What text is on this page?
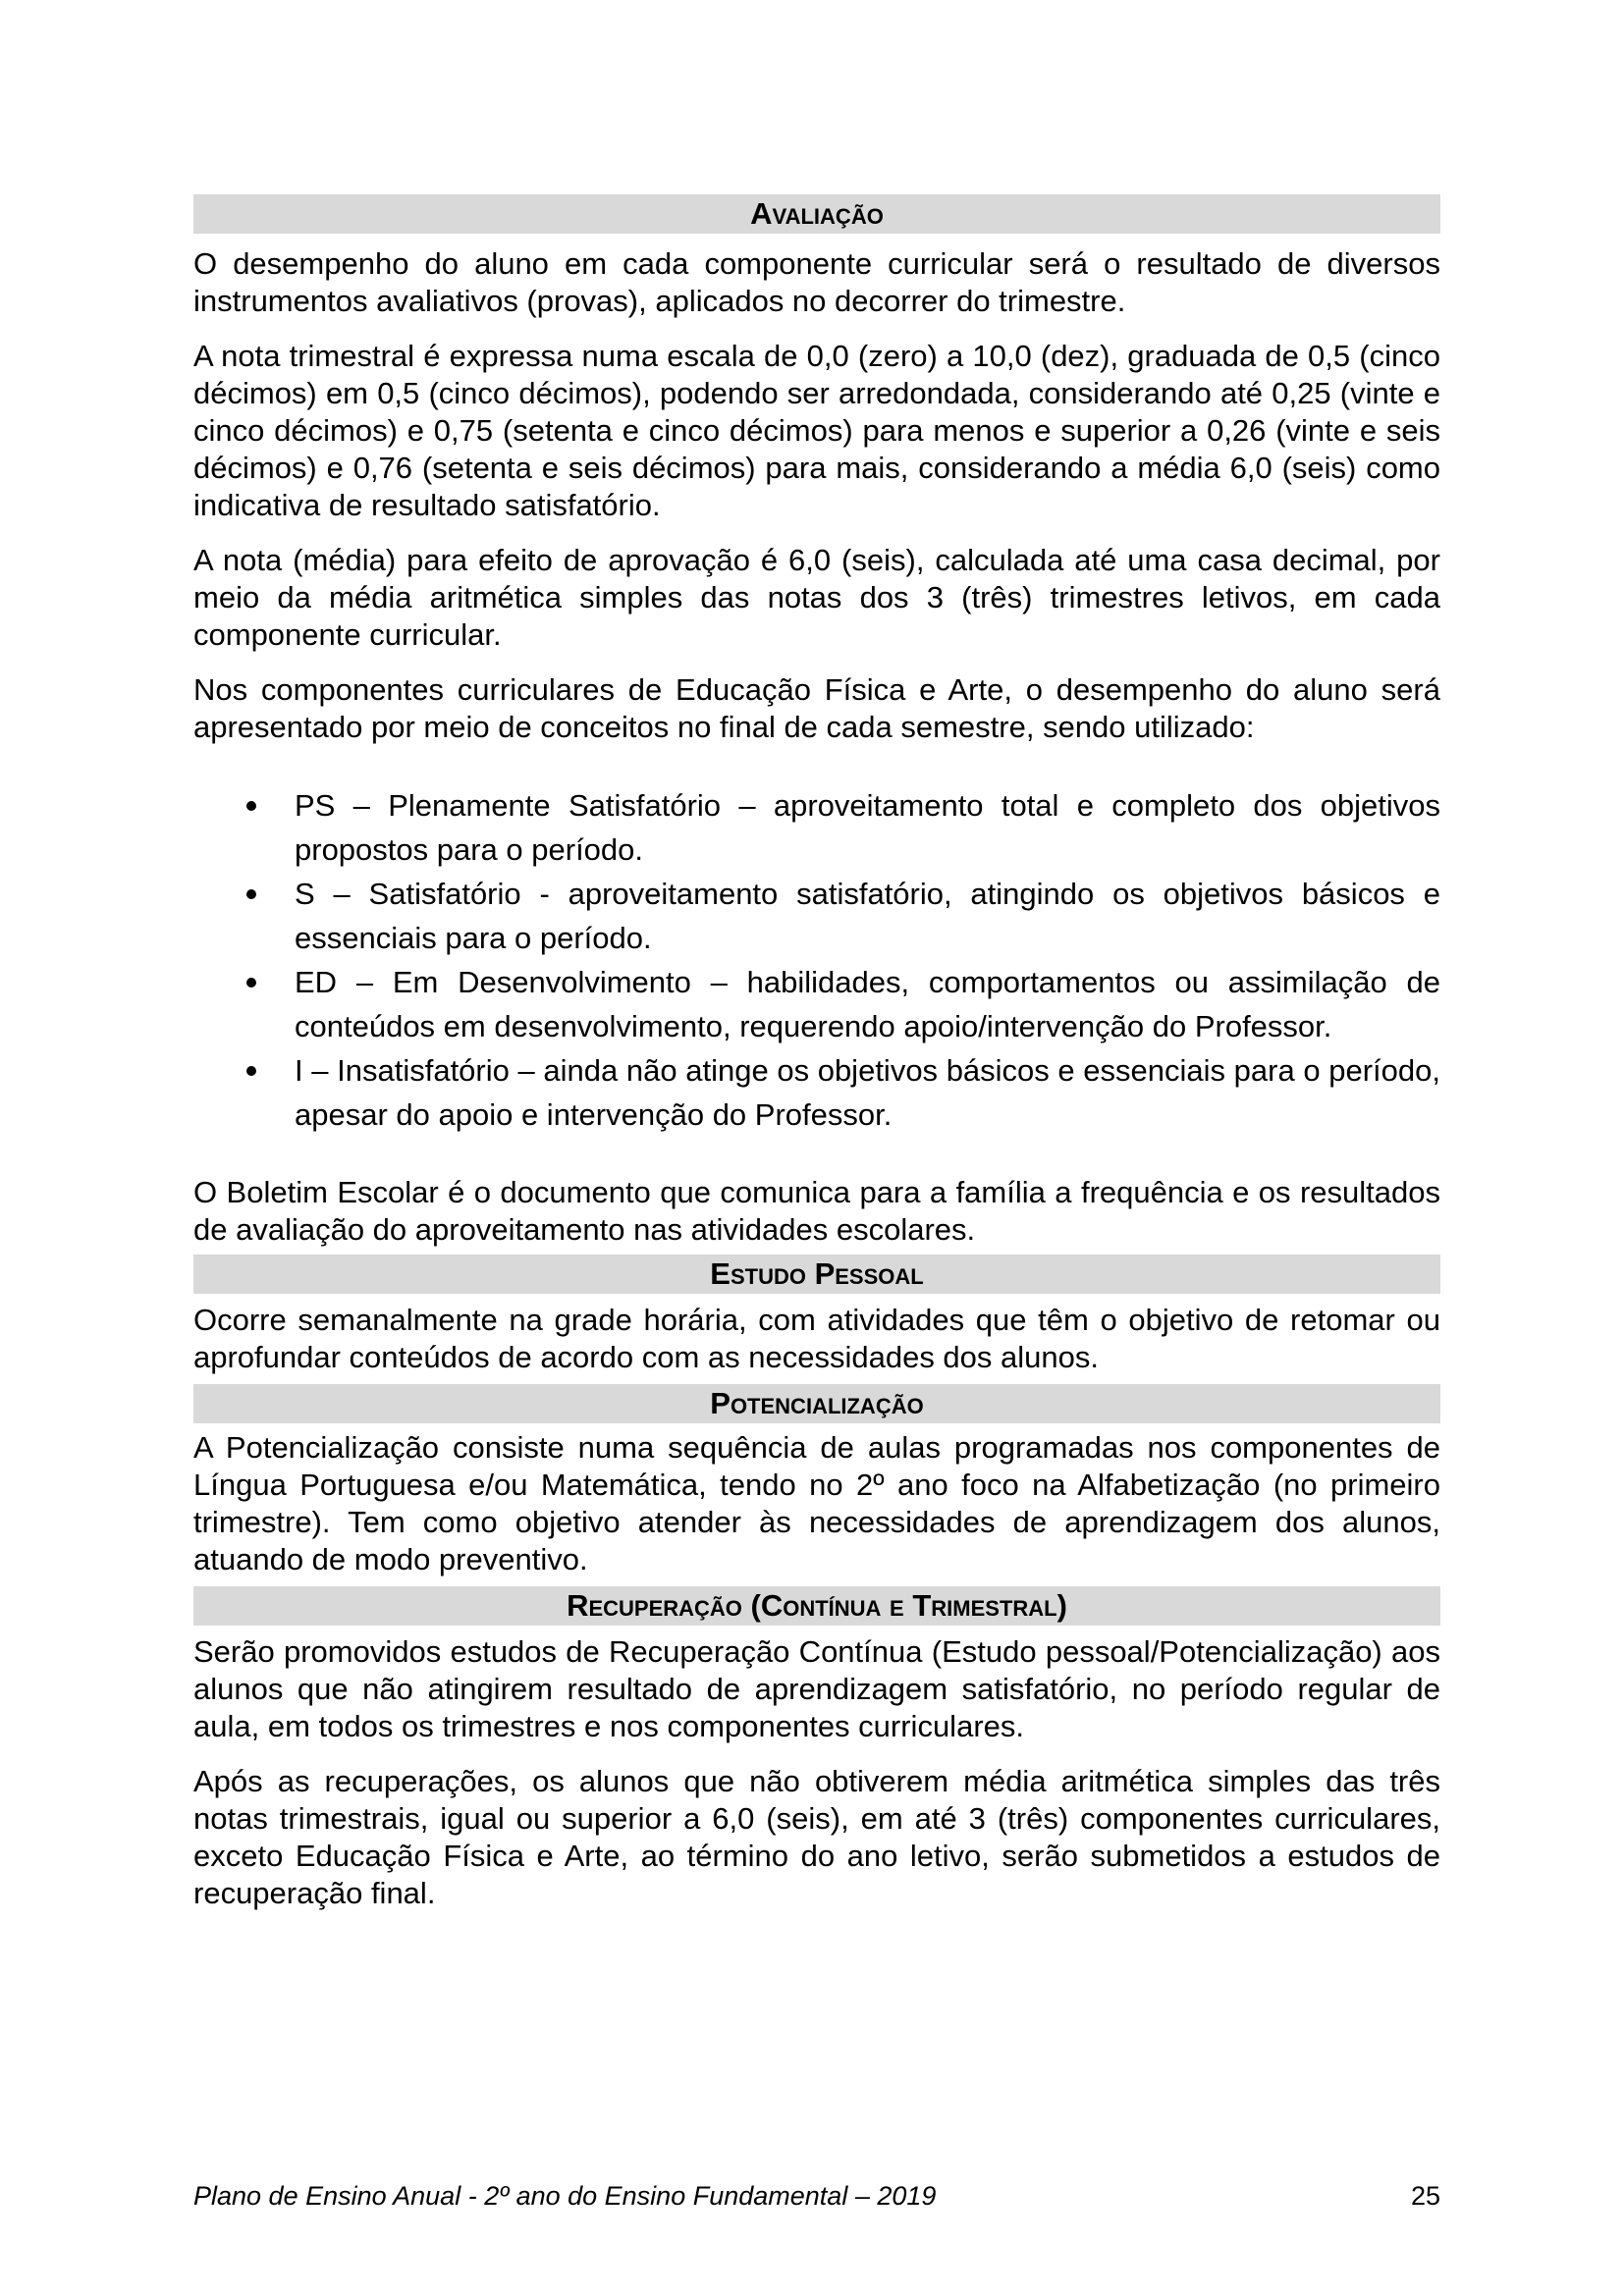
Avaliação

O desempenho do aluno em cada componente curricular será o resultado de diversos instrumentos avaliativos (provas), aplicados no decorrer do trimestre.

A nota trimestral é expressa numa escala de 0,0 (zero) a 10,0 (dez), graduada de 0,5 (cinco décimos) em 0,5 (cinco décimos), podendo ser arredondada, considerando até 0,25 (vinte e cinco décimos) e 0,75 (setenta e cinco décimos) para menos e superior a 0,26 (vinte e seis décimos) e 0,76 (setenta e seis décimos) para mais, considerando a média 6,0 (seis) como indicativa de resultado satisfatório.

A nota (média) para efeito de aprovação é 6,0 (seis), calculada até uma casa decimal, por meio da média aritmética simples das notas dos 3 (três) trimestres letivos, em cada componente curricular.

Nos componentes curriculares de Educação Física e Arte, o desempenho do aluno será apresentado por meio de conceitos no final de cada semestre, sendo utilizado:

PS – Plenamente Satisfatório – aproveitamento total e completo dos objetivos propostos para o período.
S – Satisfatório - aproveitamento satisfatório, atingindo os objetivos básicos e essenciais para o período.
ED – Em Desenvolvimento – habilidades, comportamentos ou assimilação de conteúdos em desenvolvimento, requerendo apoio/intervenção do Professor.
I – Insatisfatório – ainda não atinge os objetivos básicos e essenciais para o período, apesar do apoio e intervenção do Professor.

O Boletim Escolar é o documento que comunica para a família a frequência e os resultados de avaliação do aproveitamento nas atividades escolares.

Estudo Pessoal

Ocorre semanalmente na grade horária, com atividades que têm o objetivo de retomar ou aprofundar conteúdos de acordo com as necessidades dos alunos.

Potencialização

A Potencialização consiste numa sequência de aulas programadas nos componentes de Língua Portuguesa e/ou Matemática, tendo no 2º ano foco na Alfabetização (no primeiro trimestre). Tem como objetivo atender às necessidades de aprendizagem dos alunos, atuando de modo preventivo.

Recuperação (Contínua e Trimestral)

Serão promovidos estudos de Recuperação Contínua (Estudo pessoal/Potencialização) aos alunos que não atingirem resultado de aprendizagem satisfatório, no período regular de aula, em todos os trimestres e nos componentes curriculares.

Após as recuperações, os alunos que não obtiverem média aritmética simples das três notas trimestrais, igual ou superior a 6,0 (seis), em até 3 (três) componentes curriculares, exceto Educação Física e Arte, ao término do ano letivo, serão submetidos a estudos de recuperação final.

Plano de Ensino Anual - 2º ano do Ensino Fundamental – 2019	25
